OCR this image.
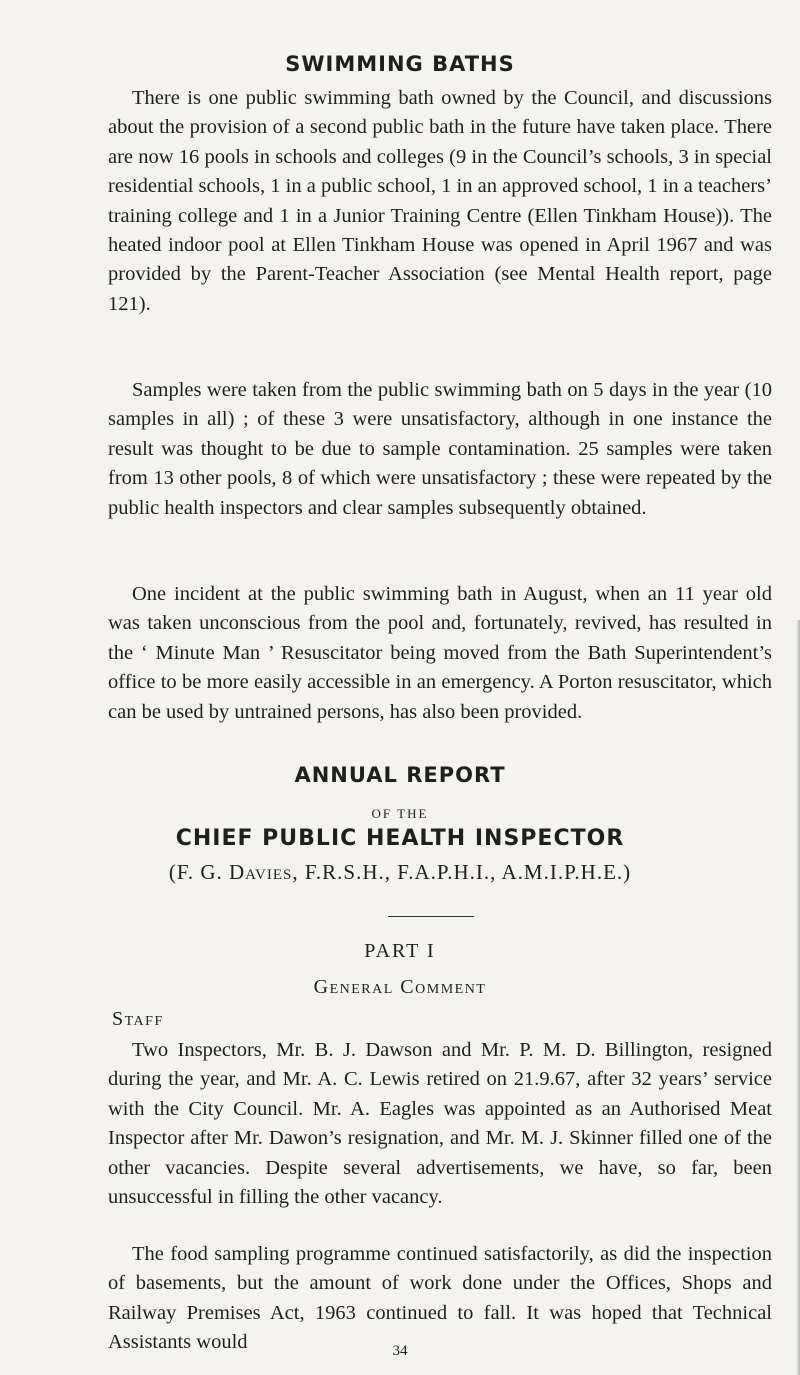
SWIMMING BATHS

There is one public swimming bath owned by the Council, and discussions about the provision of a second public bath in the future have taken place. There are now 16 pools in schools and colleges (9 in the Council’s schools, 3 in special residential schools, 1 in a public school, 1 in an approved school, 1 in a teachers’ training college and 1 in a Junior Training Centre (Ellen Tinkham House)). The heated indoor pool at Ellen Tinkham House was opened in April 1967 and was provided by the Parent-Teacher Association (see Mental Health report, page 121).

Samples were taken from the public swimming bath on 5 days in the year (10 samples in all) ; of these 3 were unsatisfactory, although in one instance the result was thought to be due to sample contamination. 25 samples were taken from 13 other pools, 8 of which were unsatisfactory ; these were repeated by the public health inspectors and clear samples subsequently obtained.

One incident at the public swimming bath in August, when an 11 year old was taken unconscious from the pool and, fortunately, revived, has resulted in the ‘ Minute Man ’ Resuscitator being moved from the Bath Superintendent’s office to be more easily accessible in an emergency. A Porton resuscitator, which can be used by untrained persons, has also been provided.

ANNUAL REPORT

OF THE

CHIEF PUBLIC HEALTH INSPECTOR

(F. G. Davies, F.R.S.H., F.A.P.H.I., A.M.I.P.H.E.)

PART I

General Comment

Staff

Two Inspectors, Mr. B. J. Dawson and Mr. P. M. D. Billington, resigned during the year, and Mr. A. C. Lewis retired on 21.9.67, after 32 years’ service with the City Council. Mr. A. Eagles was appointed as an Authorised Meat Inspector after Mr. Dawon’s resignation, and Mr. M. J. Skinner filled one of the other vacancies. Despite several advertisements, we have, so far, been unsuccessful in filling the other vacancy.

The food sampling programme continued satisfactorily, as did the inspection of basements, but the amount of work done under the Offices, Shops and Railway Premises Act, 1963 continued to fall. It was hoped that Technical Assistants would	34
